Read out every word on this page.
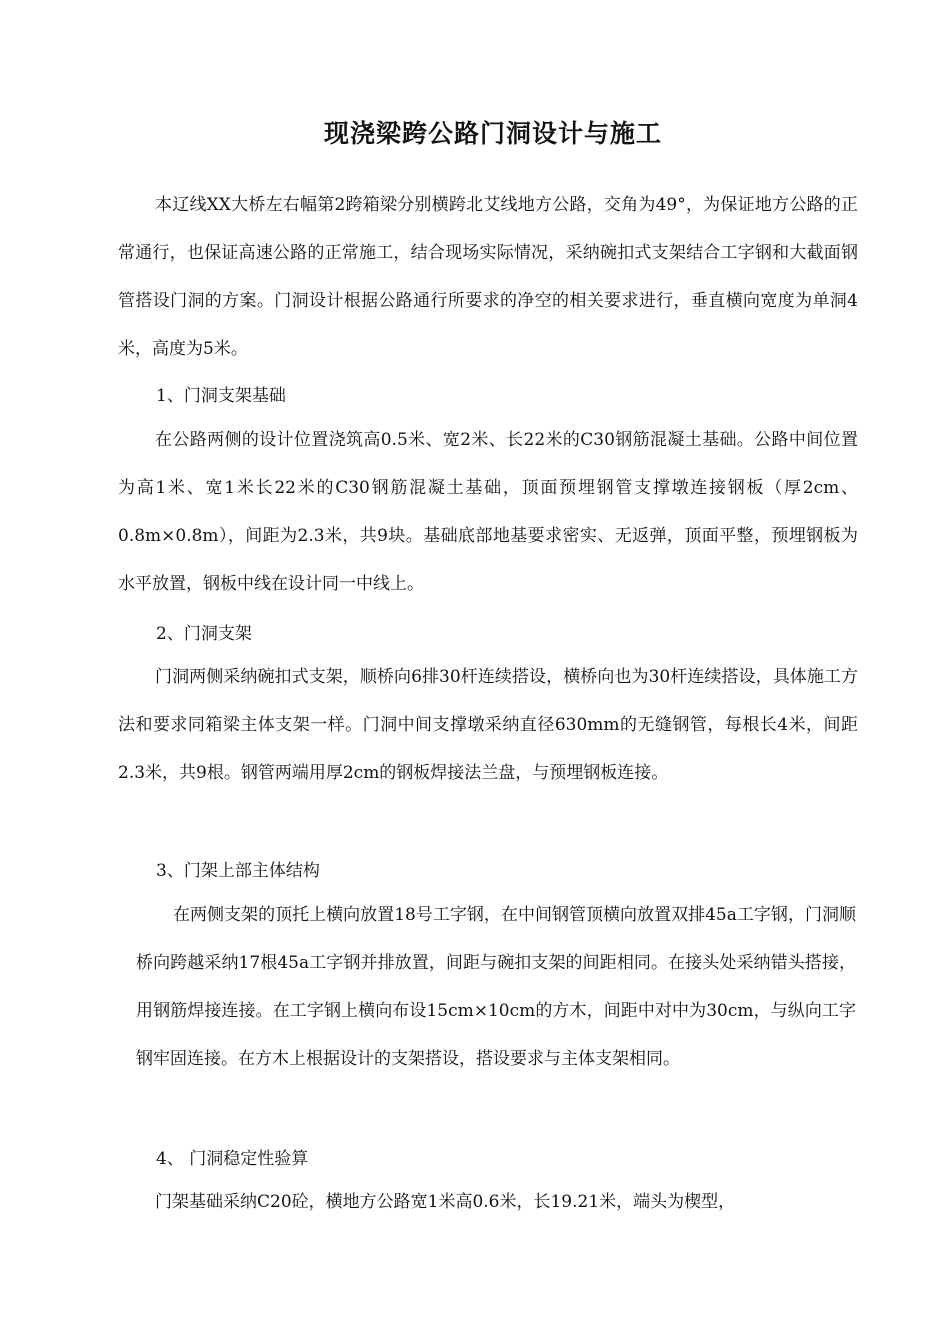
现浇梁跨公路门洞设计与施工

本辽线XX大桥左右幅第2跨箱梁分别横跨北艾线地方公路，交角为49°，为保证地方公路的正常通行，也保证高速公路的正常施工，结合现场实际情况，采纳碗扣式支架结合工字钢和大截面钢管搭设门洞的方案。门洞设计根据公路通行所要求的净空的相关要求进行，垂直横向宽度为单洞4米，高度为5米。

1、门洞支架基础

在公路两侧的设计位置浇筑高0.5米、宽2米、长22米的C30钢筋混凝土基础。公路中间位置为高1米、宽1米长22米的C30钢筋混凝土基础，顶面预埋钢管支撑墩连接钢板（厚2cm、0.8m×0.8m），间距为2.3米，共9块。基础底部地基要求密实、无返弹，顶面平整，预埋钢板为水平放置，钢板中线在设计同一中线上。

2、门洞支架

门洞两侧采纳碗扣式支架，顺桥向6排30杆连续搭设，横桥向也为30杆连续搭设，具体施工方法和要求同箱梁主体支架一样。门洞中间支撑墩采纳直径630mm的无缝钢管，每根长4米，间距2.3米，共9根。钢管两端用厚2cm的钢板焊接法兰盘，与预埋钢板连接。

3、门架上部主体结构

在两侧支架的顶托上横向放置18号工字钢，在中间钢管顶横向放置双排45a工字钢，门洞顺桥向跨越采纳17根45a工字钢并排放置，间距与碗扣支架的间距相同。在接头处采纳错头搭接，用钢筋焊接连接。在工字钢上横向布设15cm×10cm的方木，间距中对中为30cm，与纵向工字钢牢固连接。在方木上根据设计的支架搭设，搭设要求与主体支架相同。

4、 门洞稳定性验算

门架基础采纳C20砼，横地方公路宽1米高0.6米，长19.21米，端头为楔型，
